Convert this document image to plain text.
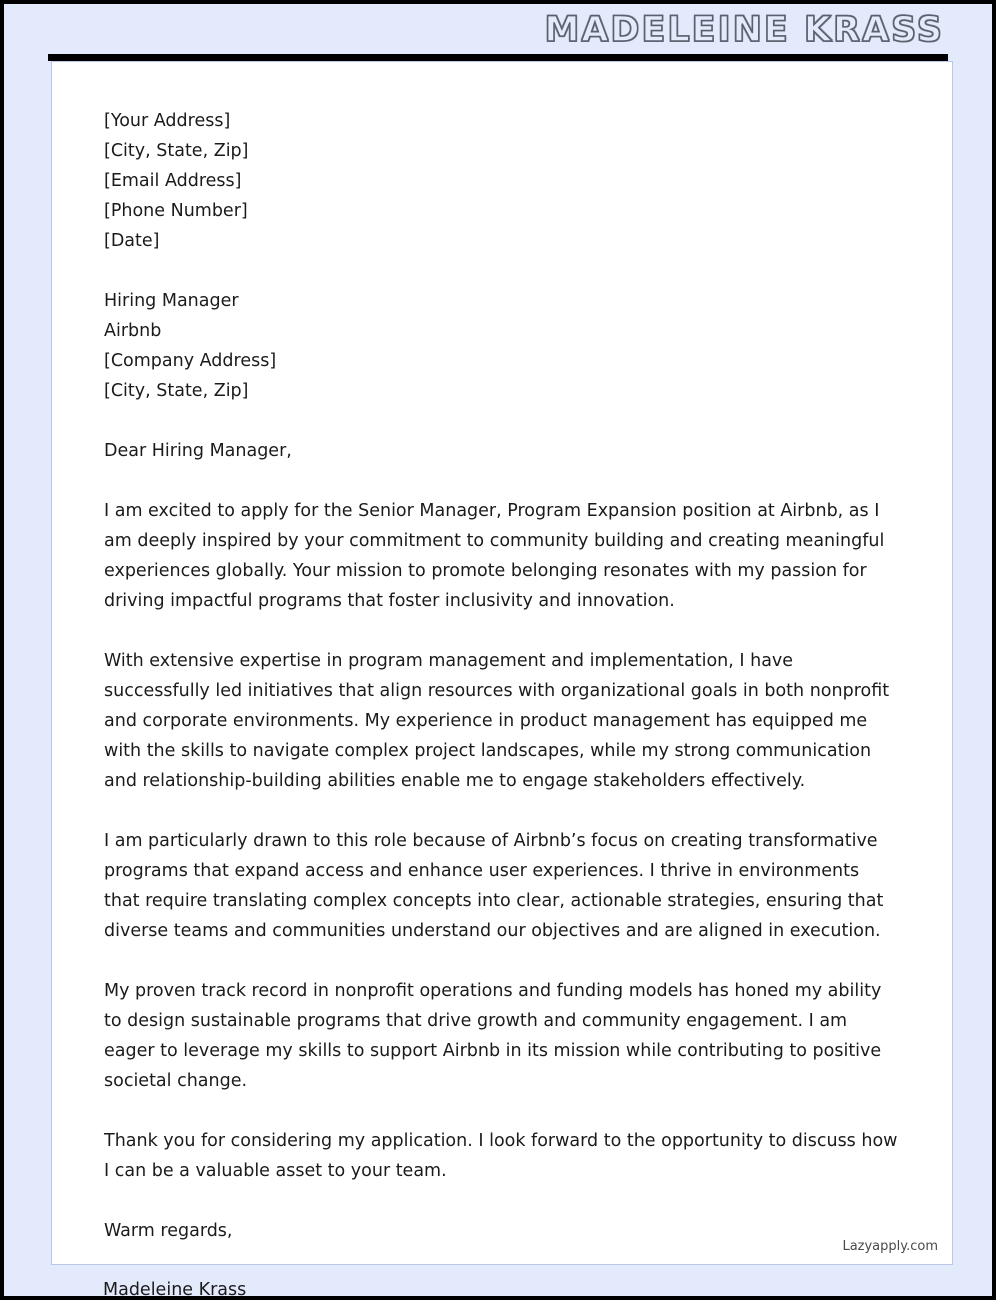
MADELEINE KRASS

[Your Address]

[City, State, Zip]

[Email Address]

[Phone Number]

[Date]

Hiring Manager

Airbnb

[Company Address]

[City, State, Zip]

Dear Hiring Manager,

I am excited to apply for the Senior Manager, Program Expansion position at Airbnb, as I am deeply inspired by your commitment to community building and creating meaningful experiences globally. Your mission to promote belonging resonates with my passion for driving impactful programs that foster inclusivity and innovation.

With extensive expertise in program management and implementation, I have successfully led initiatives that align resources with organizational goals in both nonprofit and corporate environments. My experience in product management has equipped me with the skills to navigate complex project landscapes, while my strong communication and relationship-building abilities enable me to engage stakeholders effectively.

I am particularly drawn to this role because of Airbnb’s focus on creating transformative programs that expand access and enhance user experiences. I thrive in environments that require translating complex concepts into clear, actionable strategies, ensuring that diverse teams and communities understand our objectives and are aligned in execution.

My proven track record in nonprofit operations and funding models has honed my ability to design sustainable programs that drive growth and community engagement. I am eager to leverage my skills to support Airbnb in its mission while contributing to positive societal change.

Thank you for considering my application. I look forward to the opportunity to discuss how I can be a valuable asset to your team.

Warm regards,

Lazyapply.com
Madeleine Krass
